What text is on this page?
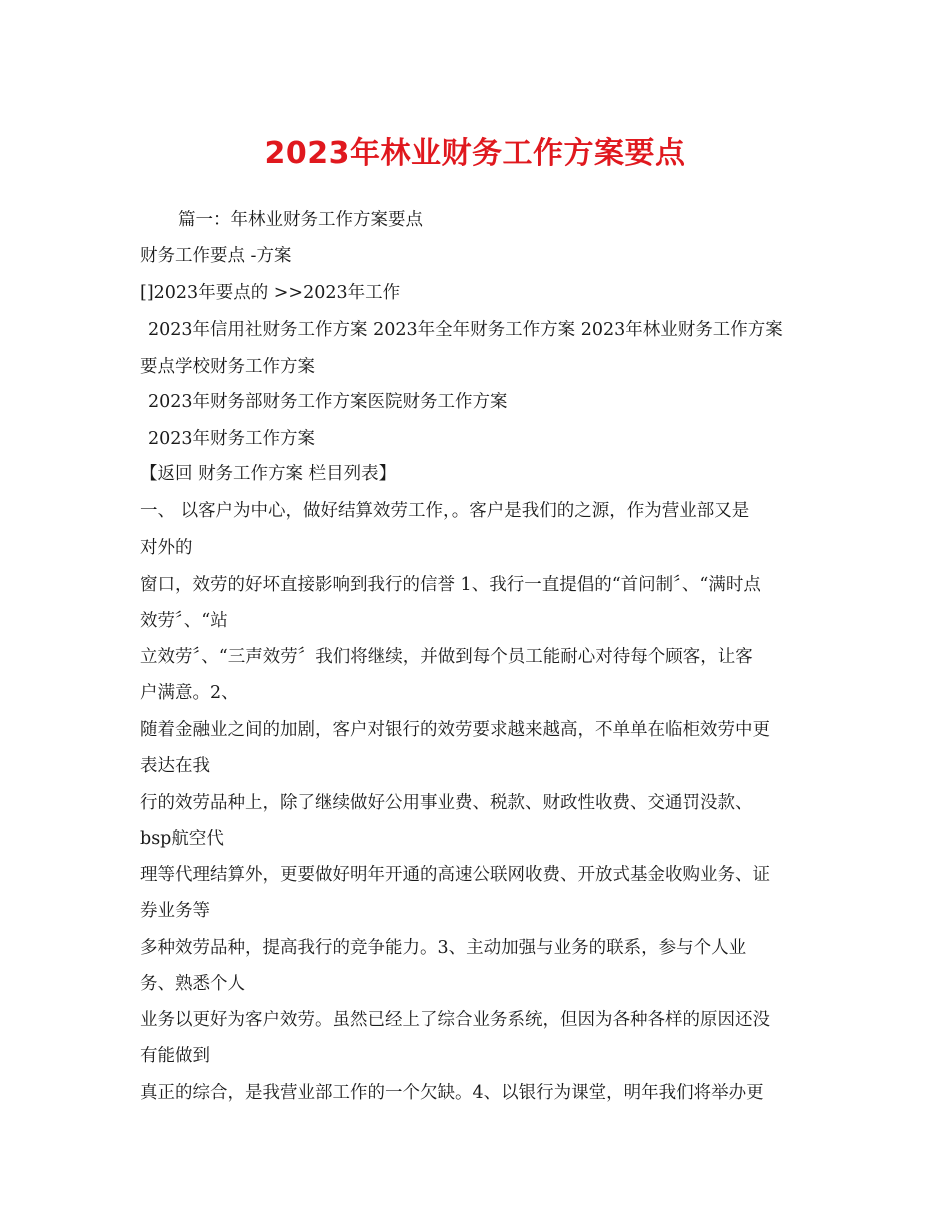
2023年林业财务工作方案要点
篇一：年林业财务工作方案要点
财务工作要点 -方案
[]2023年要点的 >>2023年工作
2023年信用社财务工作方案 2023年全年财务工作方案 2023年林业财务工作方案
要点学校财务工作方案
2023年财务部财务工作方案医院财务工作方案
2023年财务工作方案
【返回 财务工作方案 栏目列表】
一、 以客户为中心，做好结算效劳工作，。客户是我们的之源，作为营业部又是
对外的
窗口，效劳的好坏直接影响到我行的信誉 1、我行一直提倡的“首问制〞、“满时点
效劳〞、“站
立效劳〞、“三声效劳〞我们将继续，并做到每个员工能耐心对待每个顾客，让客
户满意。2、
随着金融业之间的加剧，客户对银行的效劳要求越来越高，不单单在临柜效劳中更
表达在我
行的效劳品种上，除了继续做好公用事业费、税款、财政性收费、交通罚没款、
bsp航空代
理等代理结算外，更要做好明年开通的高速公联网收费、开放式基金收购业务、证
券业务等
多种效劳品种，提高我行的竞争能力。3、主动加强与业务的联系，参与个人业
务、熟悉个人
业务以更好为客户效劳。虽然已经上了综合业务系统，但因为各种各样的原因还没
有能做到
真正的综合，是我营业部工作的一个欠缺。4、以银行为课堂，明年我们将举办更
